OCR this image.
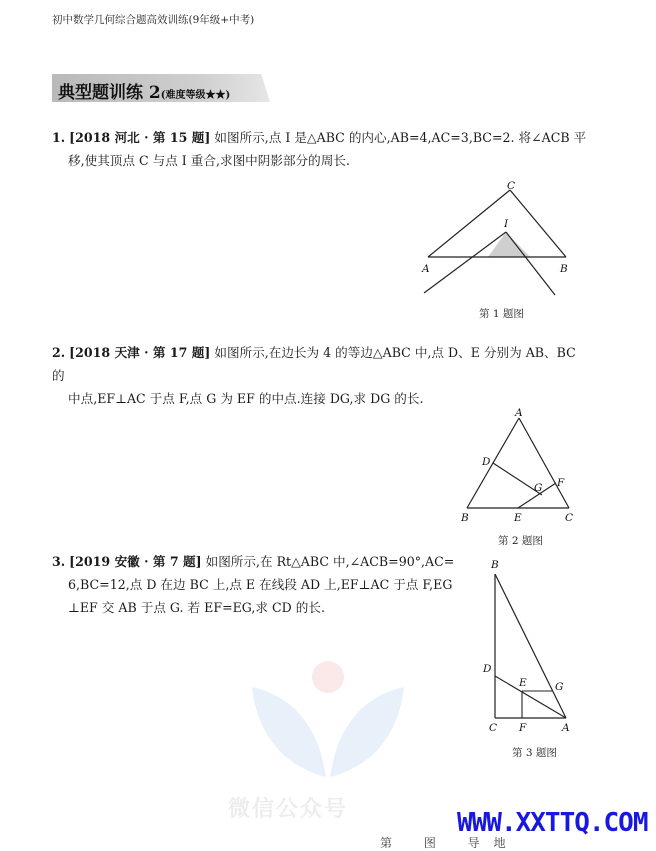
初中数学几何综合题高效训练(9年级+中考)
典型题训练 2(难度等级★★)
1. [2018 河北 · 第 15 题] 如图所示,点 I 是△ABC 的内心,AB=4,AC=3,BC=2. 将∠ACB 平
移,使其顶点 C 与点 I 重合,求图中阴影部分的周长.
C
I
A	B
第 1 题图
2. [2018 天津 · 第 17 题] 如图所示,在边长为 4 的等边△ABC 中,点 D、E 分别为 AB、BC 的
中点,EF⊥AC 于点 F,点 G 为 EF 的中点.连接 DG,求 DG 的长.
A
D
F
G
B	E	C
第 2 题图
3. [2019 安徽 · 第 7 题] 如图所示,在 Rt△ABC 中,∠ACB=90°,AC=
6,BC=12,点 D 在边 BC 上,点 E 在线段 AD 上,EF⊥AC 于点 F,EG
⊥EF 交 AB 于点 G. 若 EF=EG,求 CD 的长.
B
D
E	G
C F	A
第 3 题图
微信公众号	WWW.XXTTQ.COM
第 图 导地
